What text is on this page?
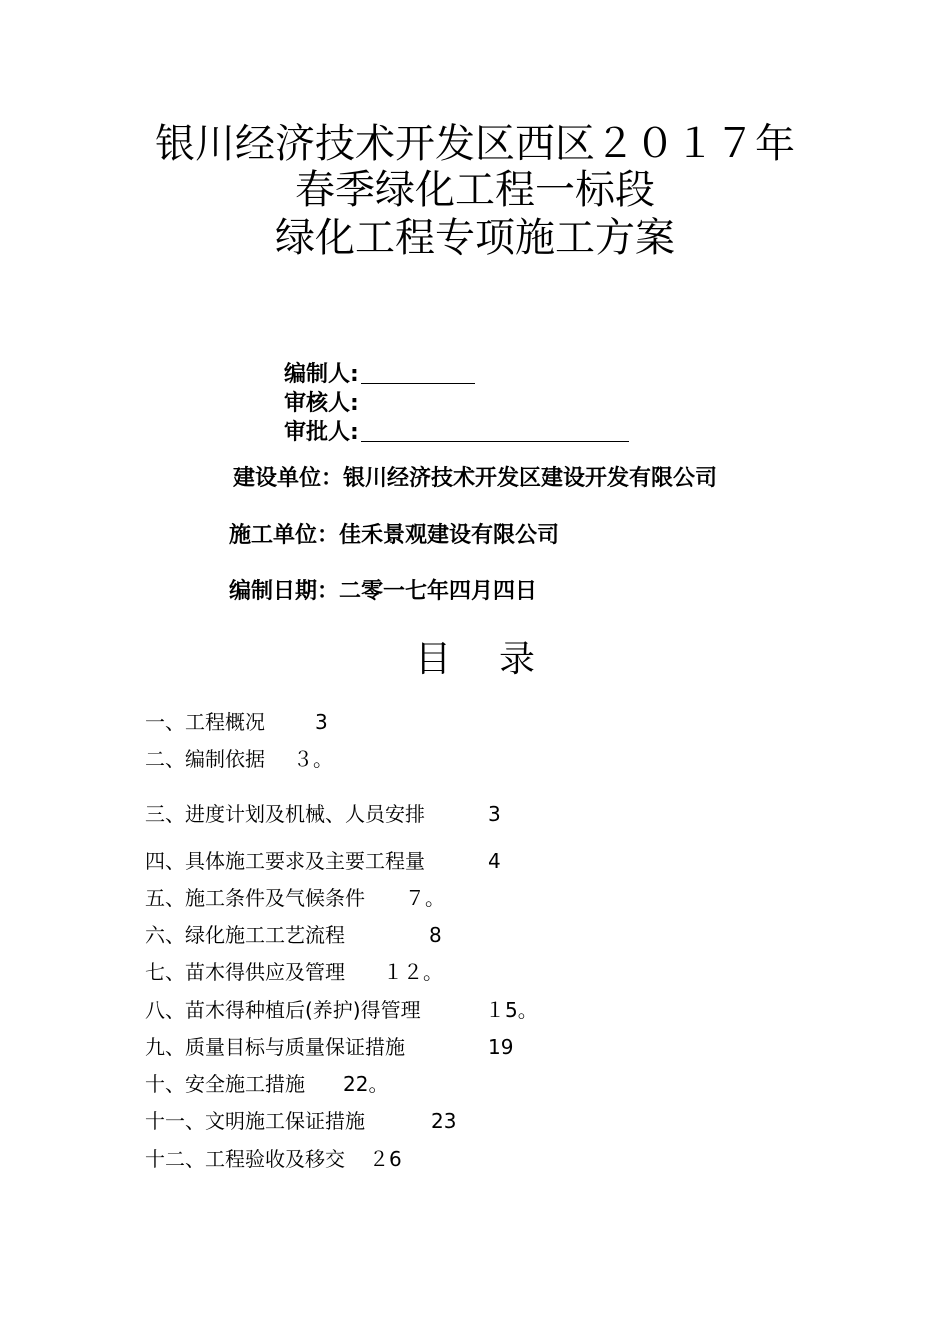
银川经济技术开发区西区２０１７年
春季绿化工程一标段
绿化工程专项施工方案
编制人:
审核人:
审批人:
建设单位：银川经济技术开发区建设开发有限公司
施工单位：佳禾景观建设有限公司
编制日期：二零一七年四月四日
目 录
一、工程概况	3
二、编制依据 ３。
三、进度计划及机械、人员安排	3
四、具体施工要求及主要工程量	4
五、施工条件及气候条件 ７。
六、绿化施工工艺流程	8
七、苗木得供应及管理 １２。
八、苗木得种植后(养护)得管理	１5。
九、质量目标与质量保证措施	19
十、安全施工措施 22。
十一、文明施工保证措施	23
十二、工程验收及移交 ２6
